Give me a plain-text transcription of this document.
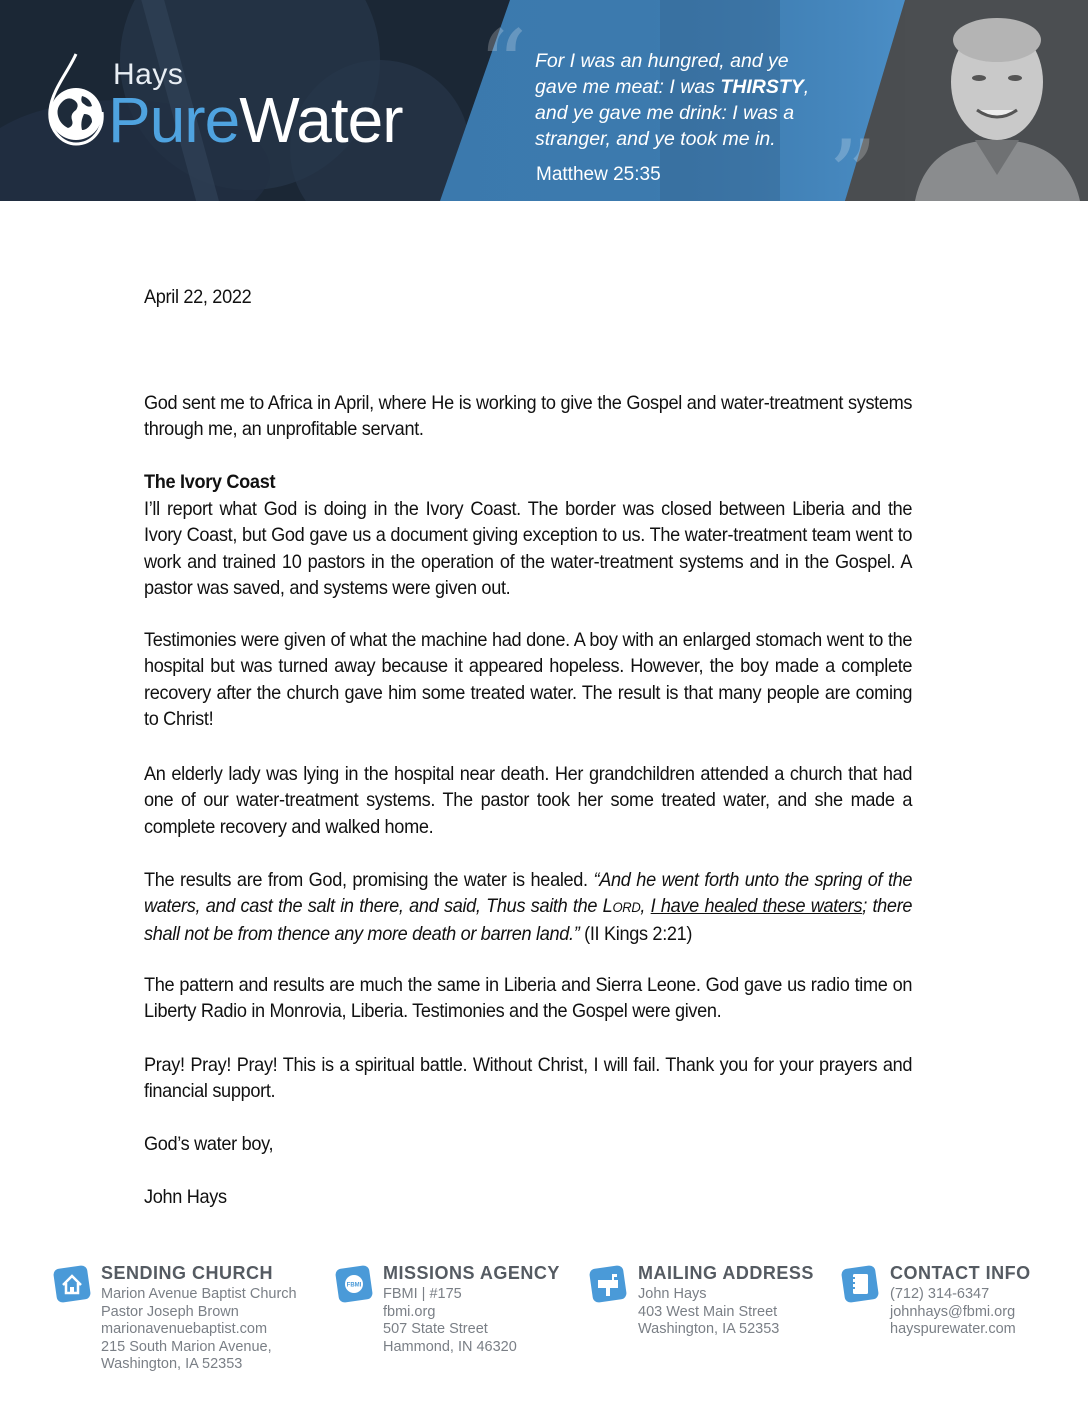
Hays
PureWater “
”
For I was an hungred, and ye
gave me meat: I was THIRSTY,
and ye gave me drink: I was a
stranger, and ye took me in.
Matthew 25:35
April 22, 2022
God sent me to Africa in April, where He is working to give the Gospel and water-treatment systems through me, an unprofitable servant.
The Ivory Coast
I’ll report what God is doing in the Ivory Coast. The border was closed between Liberia and the Ivory Coast, but God gave us a document giving exception to us. The water-treatment team went to work and trained 10 pastors in the operation of the water-treatment systems and in the Gospel. A pastor was saved, and systems were given out.
Testimonies were given of what the machine had done. A boy with an enlarged stomach went to the hospital but was turned away because it appeared hopeless. However, the boy made a complete recovery after the church gave him some treated water. The result is that many people are coming to Christ!
An elderly lady was lying in the hospital near death. Her grandchildren attended a church that had one of our water-treatment systems. The pastor took her some treated water, and she made a complete recovery and walked home.
The results are from God, promising the water is healed. “And he went forth unto the spring of the waters, and cast the salt in there, and said, Thus saith the LORD, I have healed these waters; there shall not be from thence any more death or barren land.” (II Kings 2:21)
The pattern and results are much the same in Liberia and Sierra Leone. God gave us radio time on Liberty Radio in Monrovia, Liberia. Testimonies and the Gospel were given.
Pray! Pray! Pray! This is a spiritual battle. Without Christ, I will fail. Thank you for your prayers and financial support.
God’s water boy,
John Hays
SENDING CHURCH
Marion Avenue Baptist Church
Pastor Joseph Brown
marionavenuebaptist.com
215 South Marion Avenue,
Washington, IA 52353
FBMI
MISSIONS AGENCY
FBMI | #175
fbmi.org
507 State Street
Hammond, IN 46320
MAILING ADDRESS
John Hays
403 West Main Street
Washington, IA 52353
CONTACT INFO
(712) 314-6347
johnhays@fbmi.org
hayspurewater.com
